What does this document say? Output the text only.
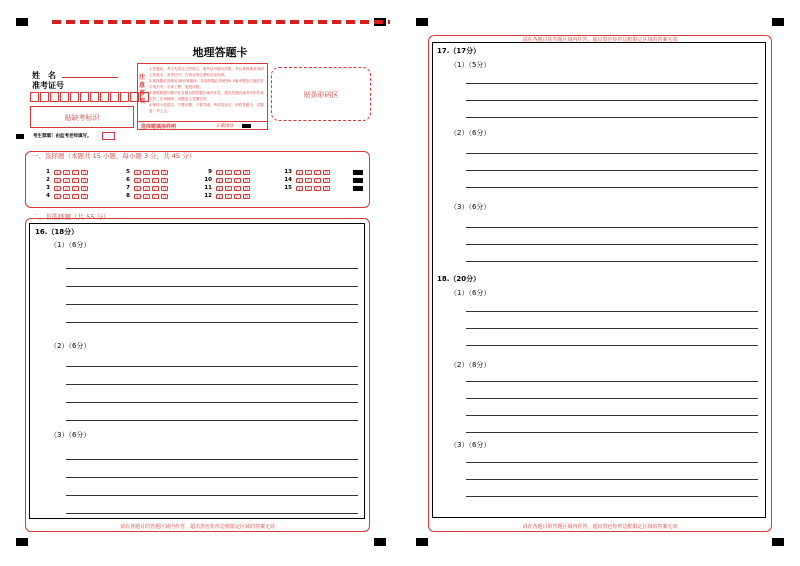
地理答题卡
姓　名
准考证号
贴缺考标识
注意事项
1.答题前，考生先将自己的姓名、准考证号填写清楚，并认真核准条形码上的姓名、准考证号，在规定的位置贴好条形码。
2.选择题必须使用2B铅笔填涂；非选择题必须使用0.5毫米黑色字迹的签字笔书写，字体工整、笔迹清楚。
3.请按照题号顺序在各题目的答题区域内作答，超出答题区域书写的答案无效；在草稿纸、试题卷上答题无效。
4.保持卡面清洁，不要折叠，不要弄破，考试结束后，请将答题卡、试题卷一并上交。
选择题填涂样例	正确填涂
贴条形码区
考生禁填！由监考老师填写。
一、选择题（本题共 15 小题，每小题 3 分，共 45 分）
1	A	B	C	D
2	A	B	C	D
3	A	B	C	D
4	A	B	C	D
5	A	B	C	D
6	A	B	C	D
7	A	B	C	D
8	A	B	C	D
9	A	B	C	D
10	A	B	C	D
11	A	B	C	D
12	A	B	C	D
13	A	B	C	D
14	A	B	C	D
15	A	B	C	D
二、非选择题（共 55 分）
16.（18分）
（1）（6分）
（2）（6分）
（3）（6分）
请在各题目的答题区域内作答，超出黑色矩形边框限定区域的答案无效
请在各题目的答题区域内作答，超出黑色矩形边框限定区域的答案无效
17.（17分）
（1）（5分）
（2）（6分）
（3）（6分）
18.（20分）
（1）（6分）
（2）（8分）
（3）（6分）
请在各题目的答题区域内作答，超出黑色矩形边框限定区域的答案无效
